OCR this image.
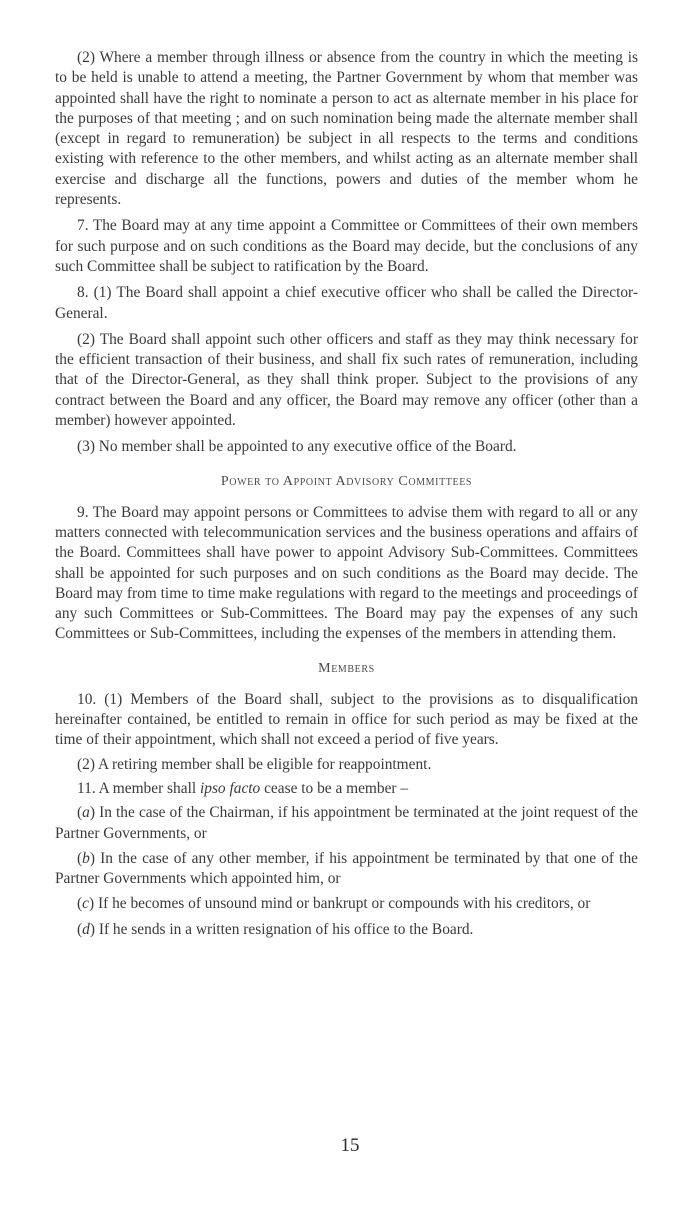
(2) Where a member through illness or absence from the country in which the meeting is to be held is unable to attend a meeting, the Partner Government by whom that member was appointed shall have the right to nominate a person to act as alternate member in his place for the purposes of that meeting ; and on such nomination being made the alternate member shall (except in regard to remuneration) be subject in all respects to the terms and conditions existing with reference to the other members, and whilst acting as an alternate member shall exercise and discharge all the functions, powers and duties of the member whom he represents.

7. The Board may at any time appoint a Committee or Committees of their own members for such purpose and on such conditions as the Board may decide, but the conclusions of any such Committee shall be subject to ratification by the Board.

8. (1) The Board shall appoint a chief executive officer who shall be called the Director-General.

(2) The Board shall appoint such other officers and staff as they may think necessary for the efficient transaction of their business, and shall fix such rates of remuneration, including that of the Director-General, as they shall think proper. Subject to the provisions of any contract between the Board and any officer, the Board may remove any officer (other than a member) however appointed.

(3) No member shall be appointed to any executive office of the Board.

Power to Appoint Advisory Committees

9. The Board may appoint persons or Committees to advise them with regard to all or any matters connected with telecommunication services and the business operations and affairs of the Board. Committees shall have power to appoint Advisory Sub-Committees. Committees shall be appointed for such purposes and on such conditions as the Board may decide. The Board may from time to time make regulations with regard to the meetings and proceedings of any such Committees or Sub-Committees. The Board may pay the expenses of any such Committees or Sub-Committees, including the expenses of the members in attending them.

Members

10. (1) Members of the Board shall, subject to the provisions as to disqualification hereinafter contained, be entitled to remain in office for such period as may be fixed at the time of their appointment, which shall not exceed a period of five years.

(2) A retiring member shall be eligible for reappointment.

11. A member shall ipso facto cease to be a member –

(a) In the case of the Chairman, if his appointment be terminated at the joint request of the Partner Governments, or

(b) In the case of any other member, if his appointment be terminated by that one of the Partner Governments which appointed him, or

(c) If he becomes of unsound mind or bankrupt or compounds with his creditors, or

(d) If he sends in a written resignation of his office to the Board.

15
